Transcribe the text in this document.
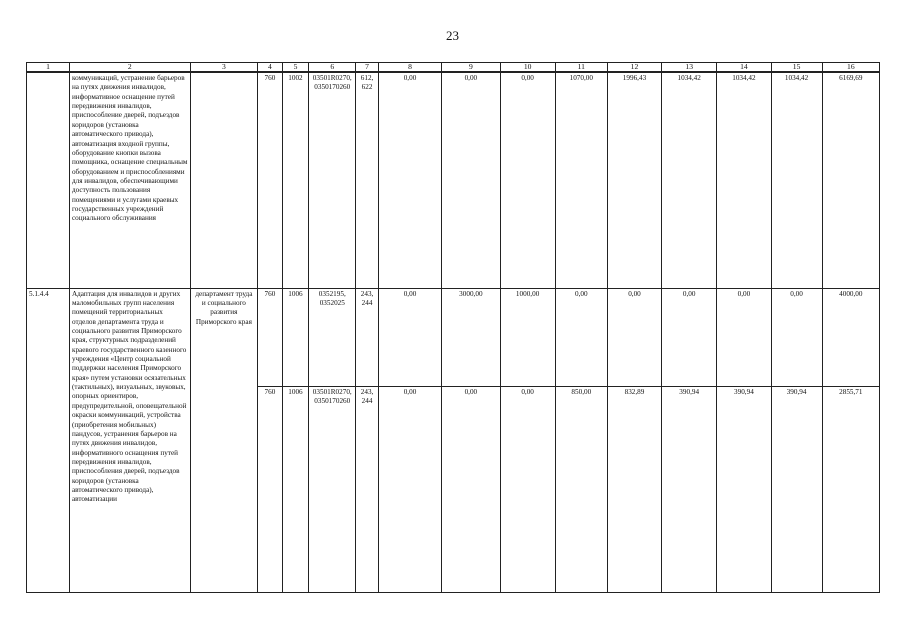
23
1	2	3	4	5	6	7	8	9	10	11	12	13	14	15	16
	коммуникаций, устранение барьеров на путях движения инвалидов, информативное оснащение путей передвижения инвалидов, приспособление дверей, подъездов коридоров (установка автоматического привода), автоматизация входной группы, оборудование кнопки вызова помощника, оснащение специальным оборудованием и приспособлениями для инвалидов, обеспечивающими доступность пользования помещениями и услугами краевых государственных учреждений социального обслуживания		760	1002	03501R0270, 0350170260	612, 622	0,00	0,00	0,00	1070,00	1996,43	1034,42	1034,42	1034,42	6169,69
5.1.4.4	Адаптация для инвалидов и других маломобильных групп населения помещений территориальных отделов департамента труда и социального развития Приморского края, структурных подразделений краевого государственного казенного учреждения «Центр социальной поддержки населения Приморского края» путем установки осязательных (тактильных), визуальных, звуковых, опорных ориентиров, предупредительной, оповещательной окраски коммуникаций, устройства (приобретения мобильных) пандусов, устранения барьеров на путях движения инвалидов, информативного оснащения путей передвижения инвалидов, приспособления дверей, подъездов коридоров (установка автоматического привода), автоматизации	департамент труда и социального развития Приморского края	760	1006	0352195, 0352025	243, 244	0,00	3000,00	1000,00	0,00	0,00	0,00	0,00	0,00	4000,00
			760	1006	03501R0270, 0350170260	243, 244	0,00	0,00	0,00	850,00	832,89	390,94	390,94	390,94	2855,71
